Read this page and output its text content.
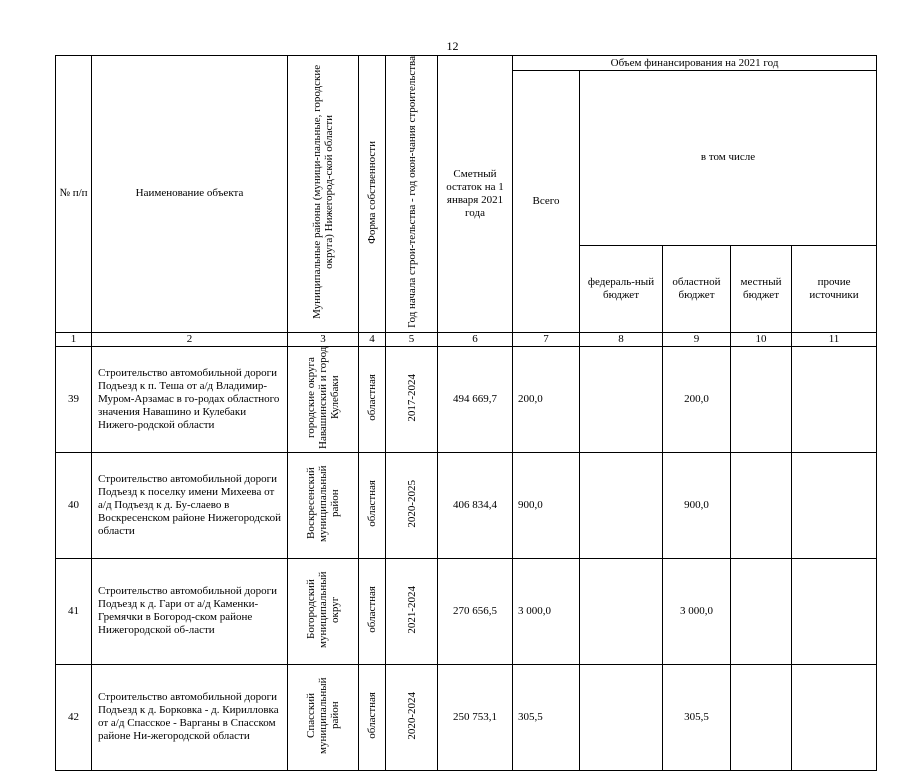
12
№ п/п	Наименование объекта	Муниципальные районы (муници-пальные, городские округа) Нижегород-ской области	Форма собственности	Год начала строи-тельства - год окон-чания строительства	Сметный остаток на 1 января 2021 года	Объем финансирования на 2021 год				

						Всего	в том числе			

							федераль-ный бюджет	областной бюджет	местный бюджет	прочие источники

1	2	3	4	5	6	7	8	9	10	11
39	Строительство автомобильной дороги Подъезд к п. Теша от а/д Владимир-Муром-Арзамас в го-родах областного значения Навашино и Кулебаки Нижего-родской области	городские округа Навашинский и город Кулебаки	областная	2017-2024	494 669,7	200,0		200,0		
40	Строительство автомобильной дороги Подъезд к поселку имени Михеева от а/д Подъезд к д. Бу-слаево в Воскресенском районе Нижегородской области	Воскресенский муниципальный район	областная	2020-2025	406 834,4	900,0		900,0		
41	Строительство автомобильной дороги Подъезд к д. Гари от а/д Каменки-Гремячки в Богород-ском районе Нижегородской об-ласти	Богородский муниципальный округ	областная	2021-2024	270 656,5	3 000,0		3 000,0		
42	Строительство автомобильной дороги Подъезд к д. Борковка - д. Кирилловка от а/д Спасское - Варганы в Спасском районе Ни-жегородской области	Спасский муниципальный район	областная	2020-2024	250 753,1	305,5		305,5		
